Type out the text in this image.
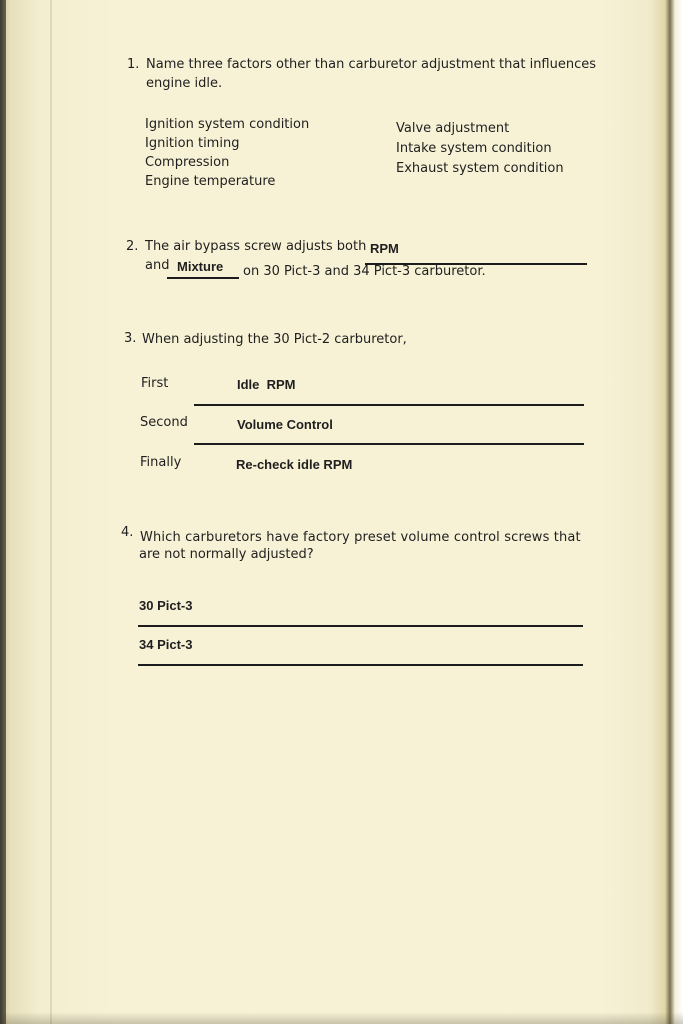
1. Name three factors other than carburetor adjustment that influences
engine idle.
Ignition system condition
Ignition timing
Compression
Engine temperature
Valve adjustment
Intake system condition
Exhaust system condition
2. The air bypass screw adjusts both RPM
and Mixture on 30 Pict-3 and 34 Pict-3 carburetor.
3. When adjusting the 30 Pict-2 carburetor,
First	Idle  RPM
Second	Volume Control
Finally	Re-check idle RPM
4. Which carburetors have factory preset volume control screws that
are not normally adjusted?
30 Pict-3
34 Pict-3
